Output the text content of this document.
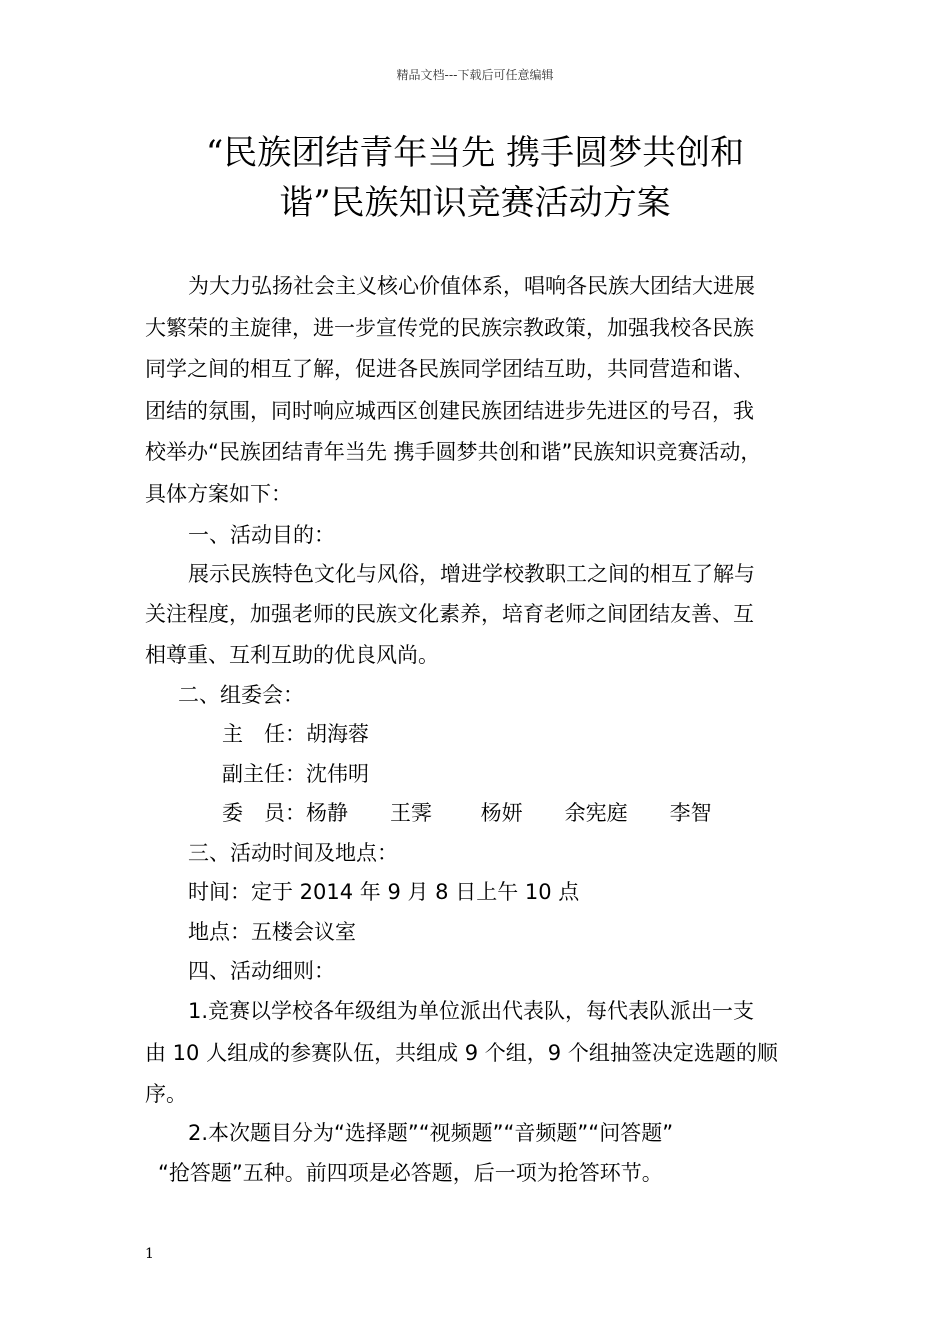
精品文档---下载后可任意编辑
“民族团结青年当先 携手圆梦共创和
谐”民族知识竞赛活动方案
为大力弘扬社会主义核心价值体系，唱响各民族大团结大进展
大繁荣的主旋律，进一步宣传党的民族宗教政策，加强我校各民族
同学之间的相互了解，促进各民族同学团结互助，共同营造和谐、
团结的氛围，同时响应城西区创建民族团结进步先进区的号召，我
校举办“民族团结青年当先 携手圆梦共创和谐”民族知识竞赛活动，
具体方案如下：
一、活动目的：
展示民族特色文化与风俗，增进学校教职工之间的相互了解与
关注程度，加强老师的民族文化素养，培育老师之间团结友善、互
相尊重、互利互助的优良风尚。
二、组委会：
主　任：胡海蓉
副主任：沈伟明
委　员：杨静　　王霁　　 杨妍　　余宪庭　　李智
三、活动时间及地点：
时间：定于 2014 年 9 月 8 日上午 10 点
地点：五楼会议室
四、活动细则：
1.竞赛以学校各年级组为单位派出代表队，每代表队派出一支
由 10 人组成的参赛队伍，共组成 9 个组，9 个组抽签决定选题的顺
序。
2.本次题目分为“选择题”“视频题”“音频题”“问答题”
“抢答题”五种。前四项是必答题，后一项为抢答环节。
1
